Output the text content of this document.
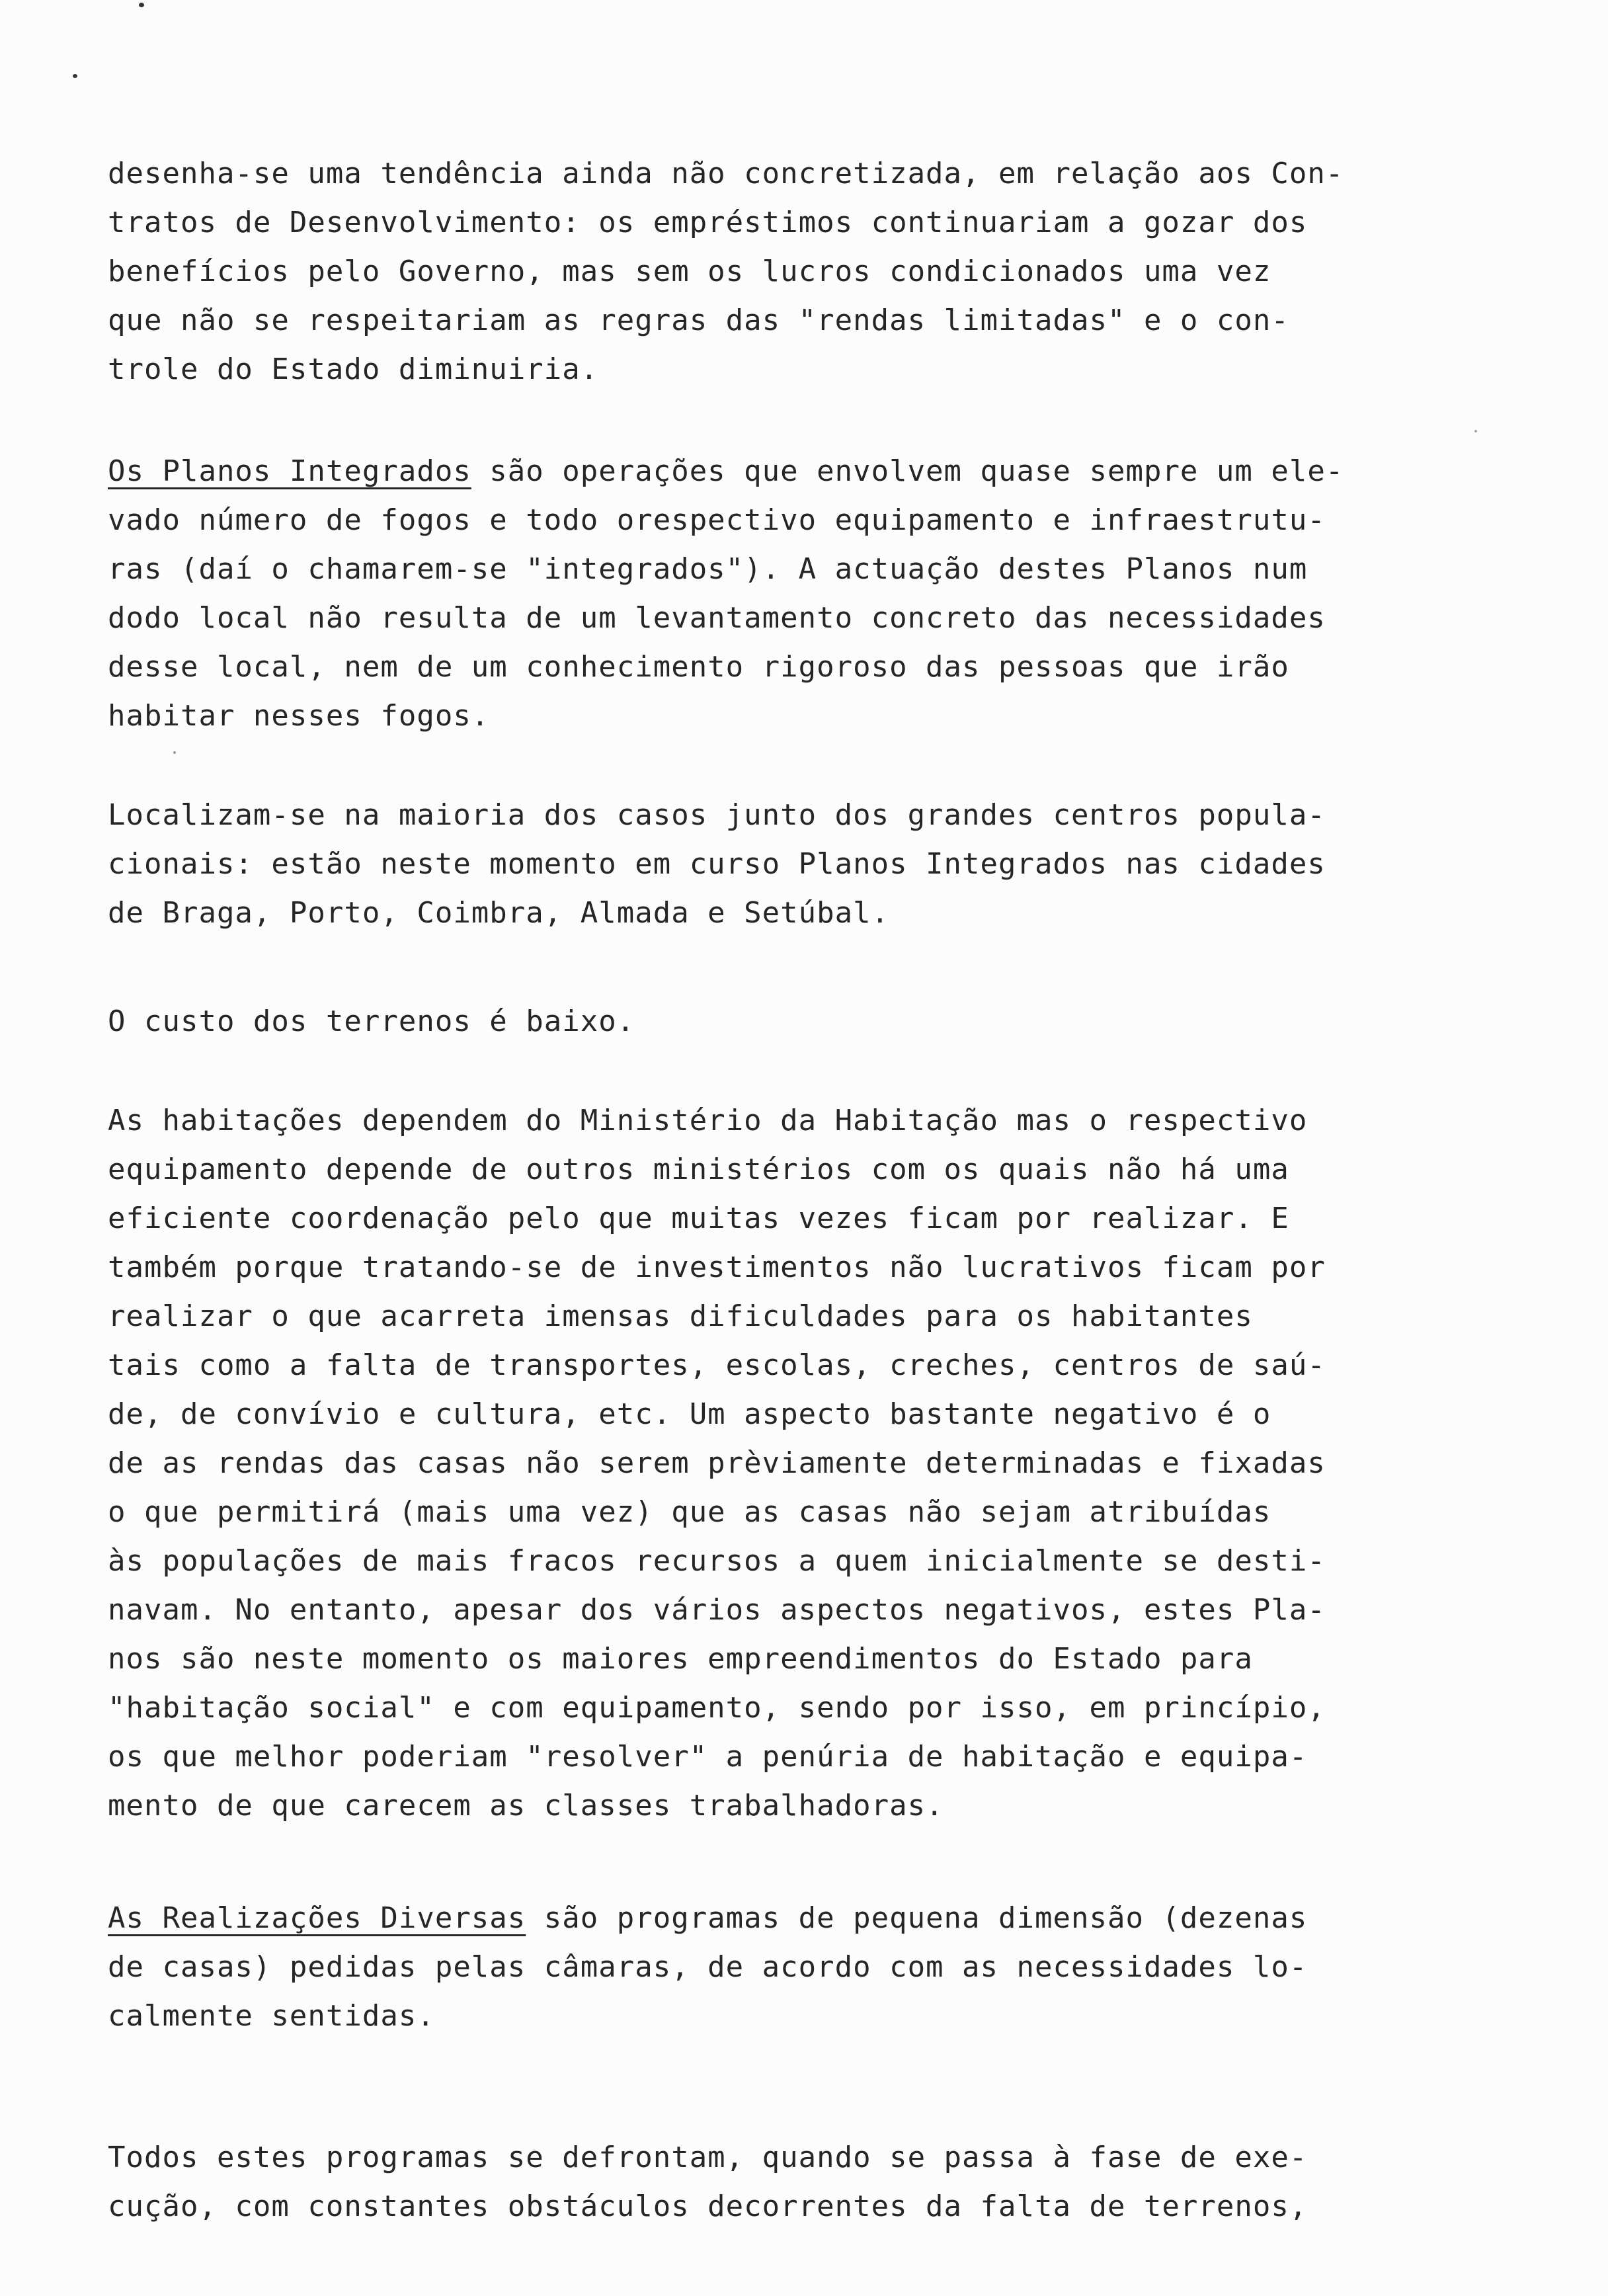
desenha-se uma tendência ainda não concretizada, em relação aos Con-
tratos de Desenvolvimento: os empréstimos continuariam a gozar dos
benefícios pelo Governo, mas sem os lucros condicionados uma vez
que não se respeitariam as regras das "rendas limitadas" e o con-
trole do Estado diminuiria.
Os Planos Integrados são operações que envolvem quase sempre um ele-
vado número de fogos e todo orespectivo equipamento e infraestrutu-
ras (daí o chamarem-se "integrados"). A actuação destes Planos num
dodo local não resulta de um levantamento concreto das necessidades
desse local, nem de um conhecimento rigoroso das pessoas que irão
habitar nesses fogos.
Localizam-se na maioria dos casos junto dos grandes centros popula-
cionais: estão neste momento em curso Planos Integrados nas cidades
de Braga, Porto, Coimbra, Almada e Setúbal.
O custo dos terrenos é baixo.
As habitações dependem do Ministério da Habitação mas o respectivo
equipamento depende de outros ministérios com os quais não há uma
eficiente coordenação pelo que muitas vezes ficam por realizar. E
também porque tratando-se de investimentos não lucrativos ficam por
realizar o que acarreta imensas dificuldades para os habitantes
tais como a falta de transportes, escolas, creches, centros de saú-
de, de convívio e cultura, etc. Um aspecto bastante negativo é o
de as rendas das casas não serem prèviamente determinadas e fixadas
o que permitirá (mais uma vez) que as casas não sejam atribuídas
às populações de mais fracos recursos a quem inicialmente se desti-
navam. No entanto, apesar dos vários aspectos negativos, estes Pla-
nos são neste momento os maiores empreendimentos do Estado para
"habitação social" e com equipamento, sendo por isso, em princípio,
os que melhor poderiam "resolver" a penúria de habitação e equipa-
mento de que carecem as classes trabalhadoras.
As Realizações Diversas são programas de pequena dimensão (dezenas
de casas) pedidas pelas câmaras, de acordo com as necessidades lo-
calmente sentidas.
Todos estes programas se defrontam, quando se passa à fase de exe-
cução, com constantes obstáculos decorrentes da falta de terrenos,
